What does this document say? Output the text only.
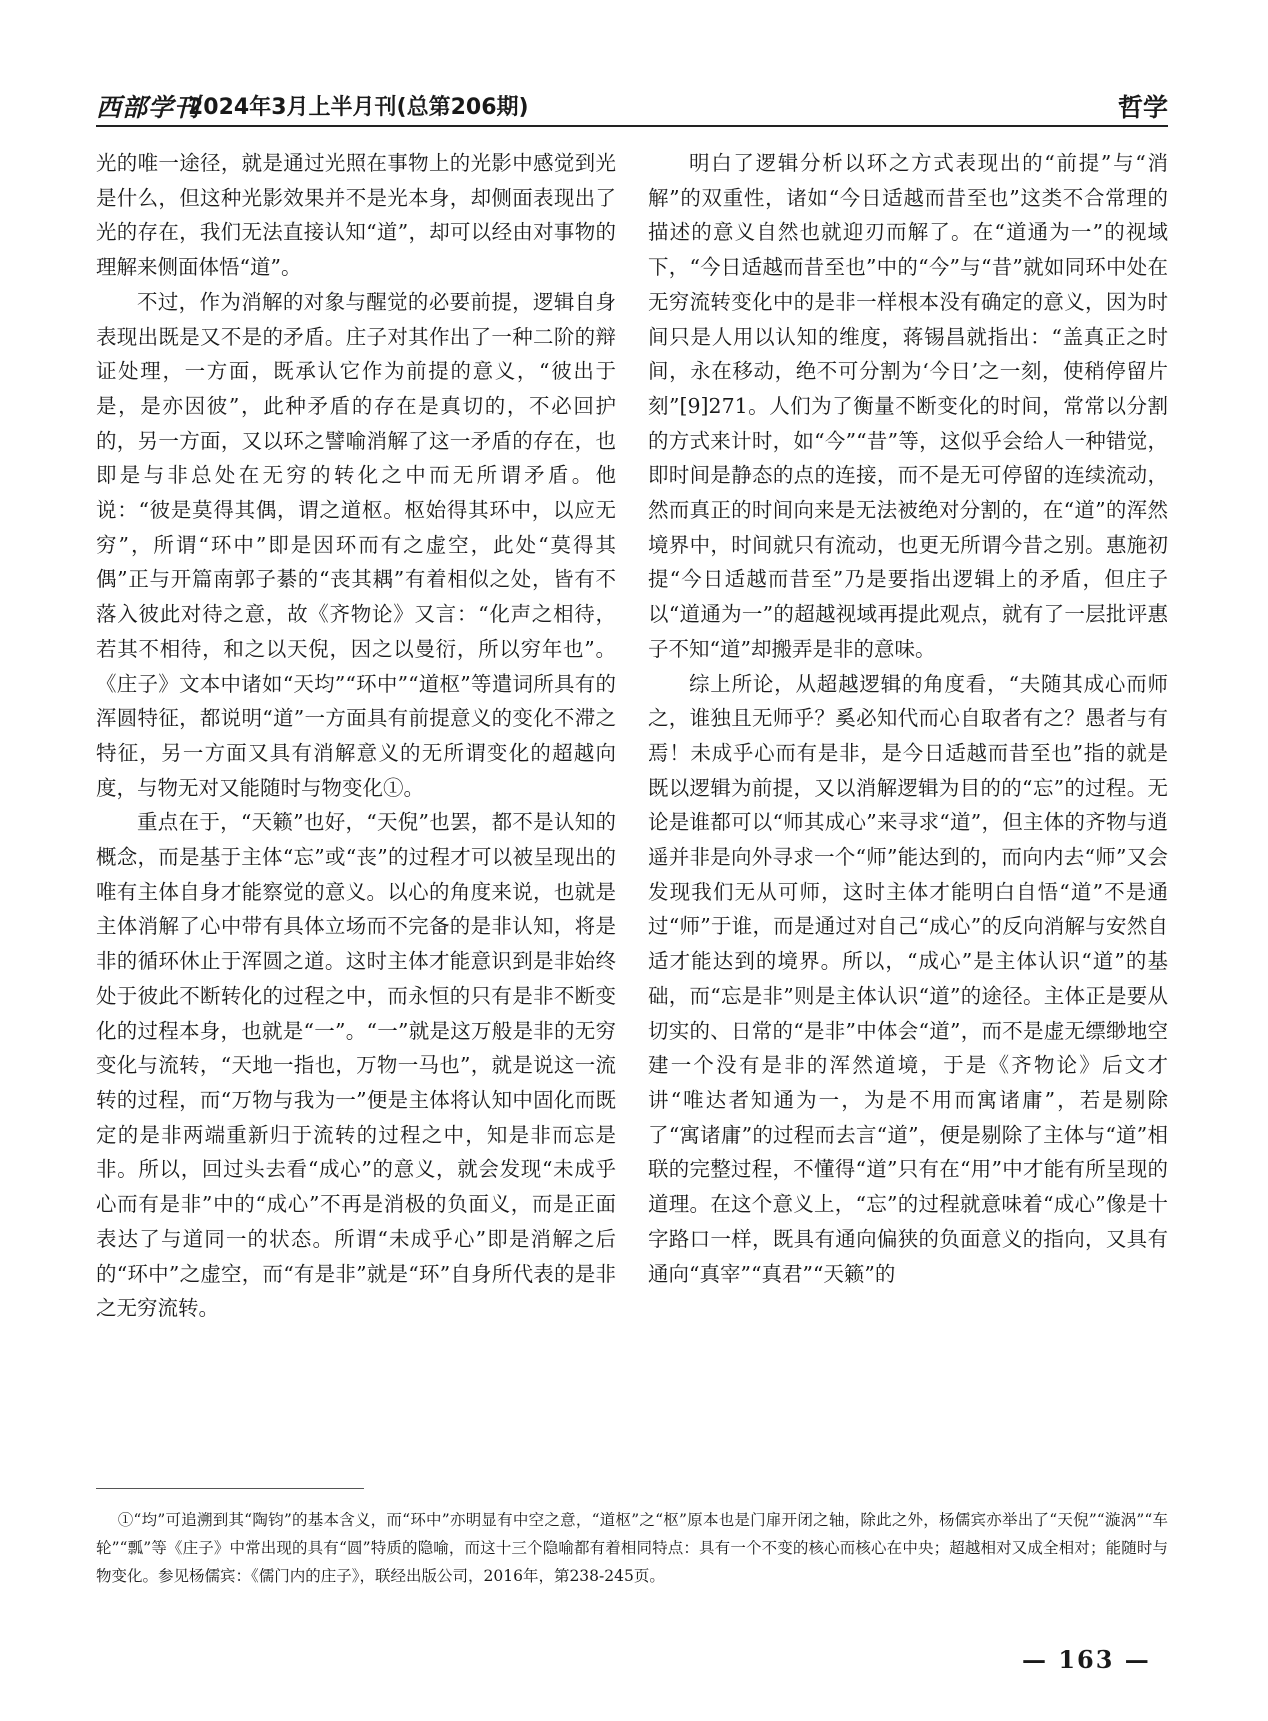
西部学刊
2024年3月上半月刊(总第206期)	哲学

光的唯一途径，就是通过光照在事物上的光影中感觉到光是什么，但这种光影效果并不是光本身，却侧面表现出了光的存在，我们无法直接认知“道”，却可以经由对事物的理解来侧面体悟“道”。

不过，作为消解的对象与醒觉的必要前提，逻辑自身表现出既是又不是的矛盾。庄子对其作出了一种二阶的辩证处理，一方面，既承认它作为前提的意义，“彼出于是，是亦因彼”，此种矛盾的存在是真切的，不必回护的，另一方面，又以环之譬喻消解了这一矛盾的存在，也即是与非总处在无穷的转化之中而无所谓矛盾。他说：“彼是莫得其偶，谓之道枢。枢始得其环中，以应无穷”，所谓“环中”即是因环而有之虚空，此处“莫得其偶”正与开篇南郭子綦的“丧其耦”有着相似之处，皆有不落入彼此对待之意，故《齐物论》又言：“化声之相待，若其不相待，和之以天倪，因之以曼衍，所以穷年也”。《庄子》文本中诸如“天均”“环中”“道枢”等遣词所具有的浑圆特征，都说明“道”一方面具有前提意义的变化不滞之特征，另一方面又具有消解意义的无所谓变化的超越向度，与物无对又能随时与物变化①。

重点在于，“天籁”也好，“天倪”也罢，都不是认知的概念，而是基于主体“忘”或“丧”的过程才可以被呈现出的唯有主体自身才能察觉的意义。以心的角度来说，也就是主体消解了心中带有具体立场而不完备的是非认知，将是非的循环休止于浑圆之道。这时主体才能意识到是非始终处于彼此不断转化的过程之中，而永恒的只有是非不断变化的过程本身，也就是“一”。“一”就是这万般是非的无穷变化与流转，“天地一指也，万物一马也”，就是说这一流转的过程，而“万物与我为一”便是主体将认知中固化而既定的是非两端重新归于流转的过程之中，知是非而忘是非。所以，回过头去看“成心”的意义，就会发现“未成乎心而有是非”中的“成心”不再是消极的负面义，而是正面表达了与道同一的状态。所谓“未成乎心”即是消解之后的“环中”之虚空，而“有是非”就是“环”自身所代表的是非之无穷流转。

明白了逻辑分析以环之方式表现出的“前提”与“消解”的双重性，诸如“今日适越而昔至也”这类不合常理的描述的意义自然也就迎刃而解了。在“道通为一”的视域下，“今日适越而昔至也”中的“今”与“昔”就如同环中处在无穷流转变化中的是非一样根本没有确定的意义，因为时间只是人用以认知的维度，蒋锡昌就指出：“盖真正之时间，永在移动，绝不可分割为‘今日’之一刻，使稍停留片刻”[9]271。人们为了衡量不断变化的时间，常常以分割的方式来计时，如“今”“昔”等，这似乎会给人一种错觉，即时间是静态的点的连接，而不是无可停留的连续流动，然而真正的时间向来是无法被绝对分割的，在“道”的浑然境界中，时间就只有流动，也更无所谓今昔之别。惠施初提“今日适越而昔至”乃是要指出逻辑上的矛盾，但庄子以“道通为一”的超越视域再提此观点，就有了一层批评惠子不知“道”却搬弄是非的意味。

综上所论，从超越逻辑的角度看，“夫随其成心而师之，谁独且无师乎？奚必知代而心自取者有之？愚者与有焉！未成乎心而有是非，是今日适越而昔至也”指的就是既以逻辑为前提，又以消解逻辑为目的的“忘”的过程。无论是谁都可以“师其成心”来寻求“道”，但主体的齐物与逍遥并非是向外寻求一个“师”能达到的，而向内去“师”又会发现我们无从可师，这时主体才能明白自悟“道”不是通过“师”于谁，而是通过对自己“成心”的反向消解与安然自适才能达到的境界。所以，“成心”是主体认识“道”的基础，而“忘是非”则是主体认识“道”的途径。主体正是要从切实的、日常的“是非”中体会“道”，而不是虚无缥缈地空建一个没有是非的浑然道境，于是《齐物论》后文才讲“唯达者知通为一，为是不用而寓诸庸”，若是剔除了“寓诸庸”的过程而去言“道”，便是剔除了主体与“道”相联的完整过程，不懂得“道”只有在“用”中才能有所呈现的道理。在这个意义上，“忘”的过程就意味着“成心”像是十字路口一样，既具有通向偏狭的负面意义的指向，又具有通向“真宰”“真君”“天籁”的

①“均”可追溯到其“陶钧”的基本含义，而“环中”亦明显有中空之意，“道枢”之“枢”原本也是门扉开闭之轴，除此之外，杨儒宾亦举出了“天倪”“漩涡”“车轮”“瓢”等《庄子》中常出现的具有“圆”特质的隐喻，而这十三个隐喻都有着相同特点：具有一个不变的核心而核心在中央；超越相对又成全相对；能随时与物变化。参见杨儒宾：《儒门内的庄子》，联经出版公司，2016年，第238-245页。

— 163 —
